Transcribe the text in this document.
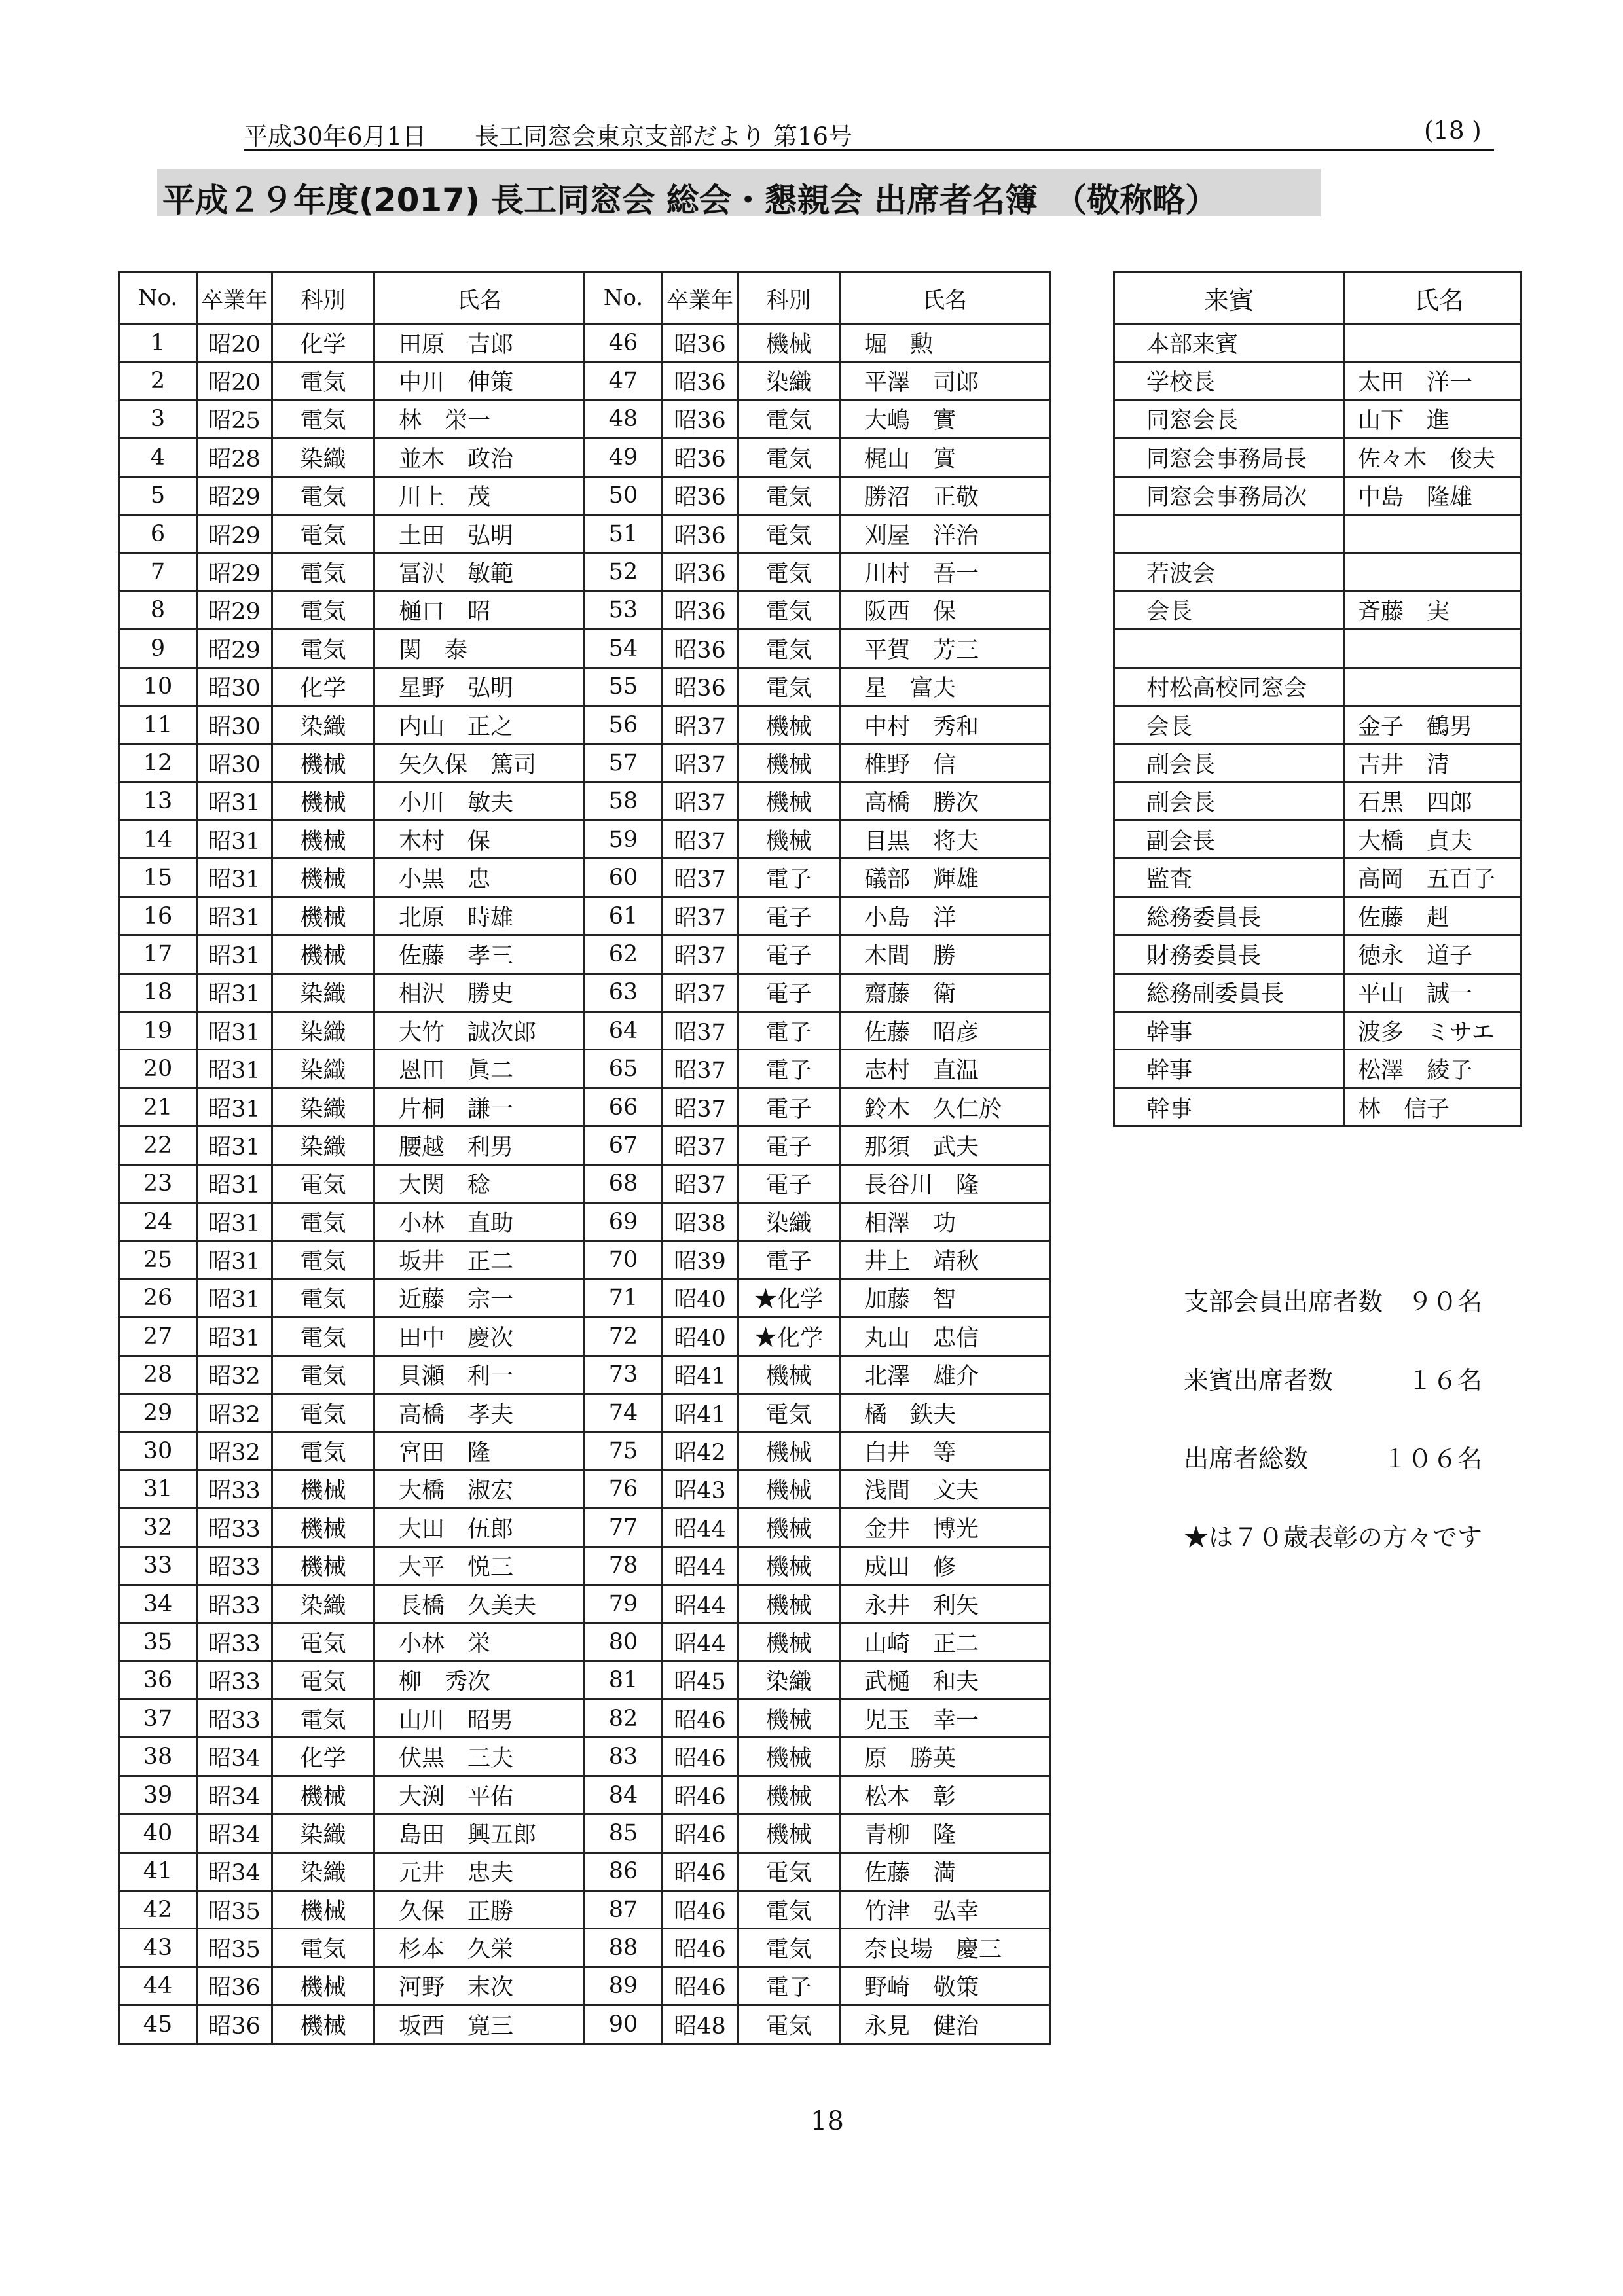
平成30年6月1日　　長工同窓会東京支部だより 第16号	(18 )
平成２９年度(2017) 長工同窓会 総会・懇親会 出席者名簿　（敬称略）
No.	卒業年	科別	氏名	No.	卒業年	科別	氏名
1	昭20	化学	田原　吉郎	46	昭36	機械	堀　勲
2	昭20	電気	中川　伸策	47	昭36	染織	平澤　司郎
3	昭25	電気	林　栄一	48	昭36	電気	大嶋　實
4	昭28	染織	並木　政治	49	昭36	電気	梶山　實
5	昭29	電気	川上　茂	50	昭36	電気	勝沼　正敬
6	昭29	電気	土田　弘明	51	昭36	電気	刈屋　洋治
7	昭29	電気	冨沢　敏範	52	昭36	電気	川村　吾一
8	昭29	電気	樋口　昭	53	昭36	電気	阪西　保
9	昭29	電気	関　泰	54	昭36	電気	平賀　芳三
10	昭30	化学	星野　弘明	55	昭36	電気	星　富夫
11	昭30	染織	内山　正之	56	昭37	機械	中村　秀和
12	昭30	機械	矢久保　篤司	57	昭37	機械	椎野　信
13	昭31	機械	小川　敏夫	58	昭37	機械	高橋　勝次
14	昭31	機械	木村　保	59	昭37	機械	目黒　将夫
15	昭31	機械	小黒　忠	60	昭37	電子	礒部　輝雄
16	昭31	機械	北原　時雄	61	昭37	電子	小島　洋
17	昭31	機械	佐藤　孝三	62	昭37	電子	木間　勝
18	昭31	染織	相沢　勝史	63	昭37	電子	齋藤　衛
19	昭31	染織	大竹　誠次郎	64	昭37	電子	佐藤　昭彦
20	昭31	染織	恩田　眞二	65	昭37	電子	志村　直温
21	昭31	染織	片桐　謙一	66	昭37	電子	鈴木　久仁於
22	昭31	染織	腰越　利男	67	昭37	電子	那須　武夫
23	昭31	電気	大関　稔	68	昭37	電子	長谷川　隆
24	昭31	電気	小林　直助	69	昭38	染織	相澤　功
25	昭31	電気	坂井　正二	70	昭39	電子	井上　靖秋
26	昭31	電気	近藤　宗一	71	昭40	★化学	加藤　智
27	昭31	電気	田中　慶次	72	昭40	★化学	丸山　忠信
28	昭32	電気	貝瀬　利一	73	昭41	機械	北澤　雄介
29	昭32	電気	高橋　孝夫	74	昭41	電気	橘　鉄夫
30	昭32	電気	宮田　隆	75	昭42	機械	白井　等
31	昭33	機械	大橋　淑宏	76	昭43	機械	浅間　文夫
32	昭33	機械	大田　伍郎	77	昭44	機械	金井　博光
33	昭33	機械	大平　悦三	78	昭44	機械	成田　修
34	昭33	染織	長橋　久美夫	79	昭44	機械	永井　利矢
35	昭33	電気	小林　栄	80	昭44	機械	山崎　正二
36	昭33	電気	柳　秀次	81	昭45	染織	武樋　和夫
37	昭33	電気	山川　昭男	82	昭46	機械	児玉　幸一
38	昭34	化学	伏黒　三夫	83	昭46	機械	原　勝英
39	昭34	機械	大渕　平佑	84	昭46	機械	松本　彰
40	昭34	染織	島田　興五郎	85	昭46	機械	青柳　隆
41	昭34	染織	元井　忠夫	86	昭46	電気	佐藤　満
42	昭35	機械	久保　正勝	87	昭46	電気	竹津　弘幸
43	昭35	電気	杉本　久栄	88	昭46	電気	奈良場　慶三
44	昭36	機械	河野　末次	89	昭46	電子	野崎　敬策
45	昭36	機械	坂西　寛三	90	昭48	電気	永見　健治
来賓	氏名
本部来賓	
学校長	太田　洋一
同窓会長	山下　進
同窓会事務局長	佐々木　俊夫
同窓会事務局次	中島　隆雄

若波会	
会長	斉藤　実

村松高校同窓会	
会長	金子　鶴男
副会長	吉井　清
副会長	石黒　四郎
副会長	大橋　貞夫
監査	高岡　五百子
総務委員長	佐藤　赳
財務委員長	徳永　道子
総務副委員長	平山　誠一
幹事	波多　ミサエ
幹事	松澤　綾子
幹事	林　信子
支部会員出席者数　９０名
来賓出席者数　　　１６名
出席者総数　　　１０６名
★は７０歳表彰の方々です
18
